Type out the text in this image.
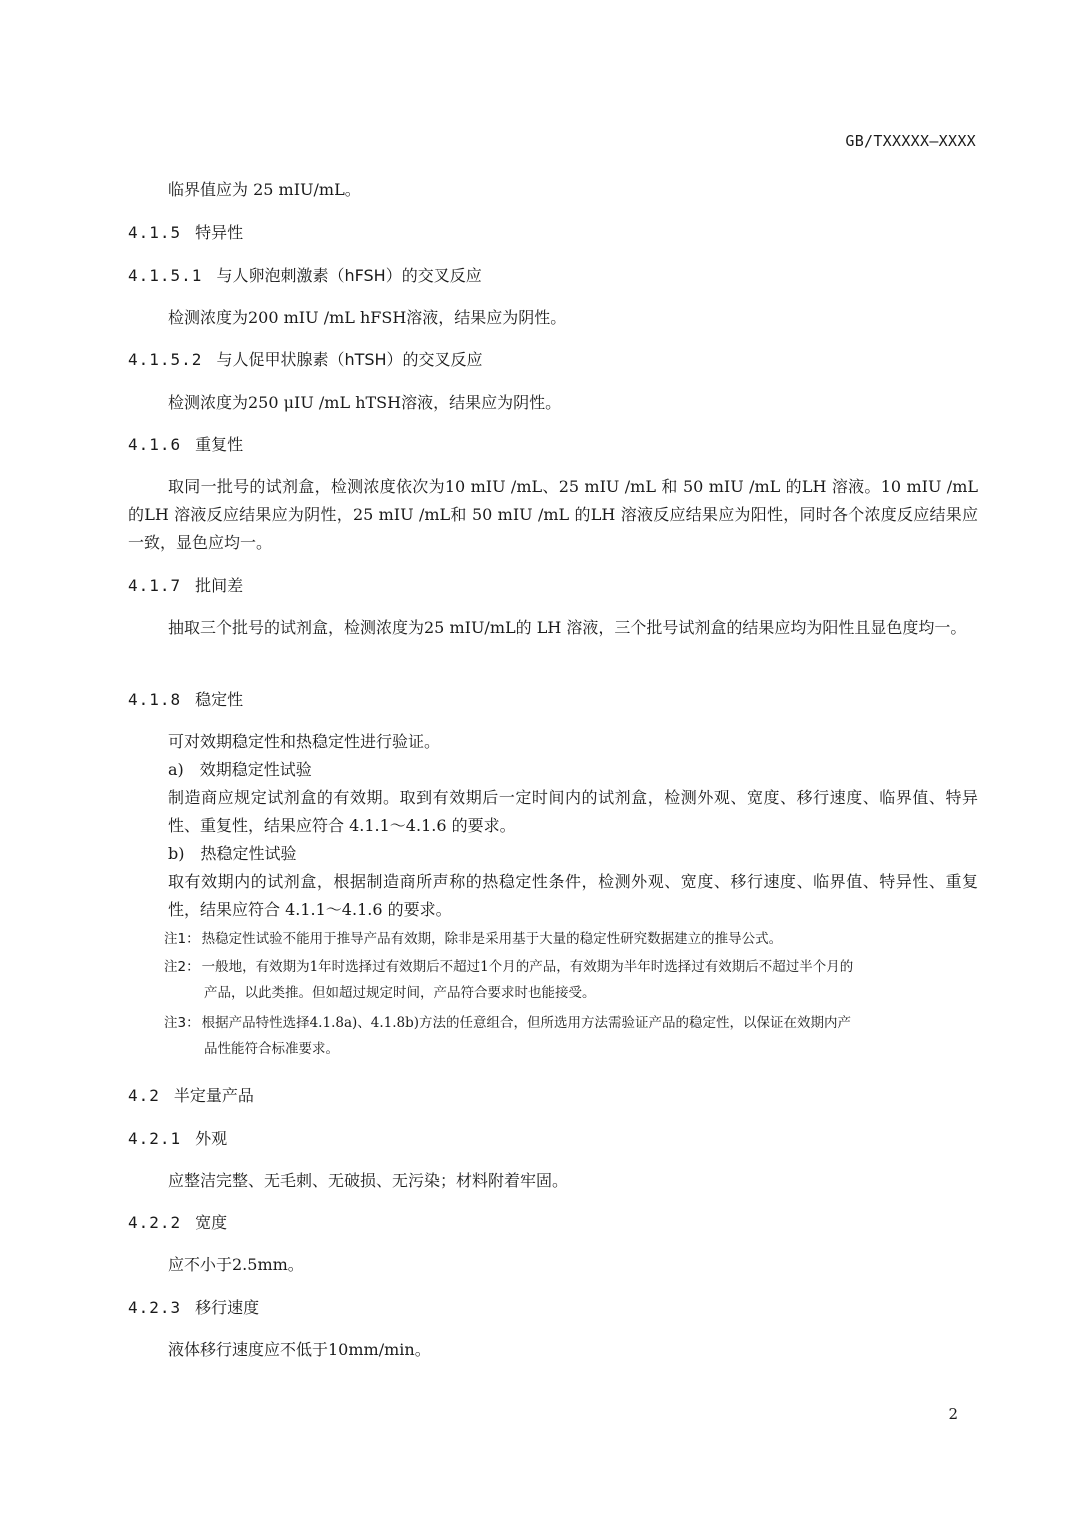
GB/TXXXXX—XXXX
临界值应为 25 mIU/mL。
4.1.5 特异性
4.1.5.1 与人卵泡刺激素（hFSH）的交叉反应
检测浓度为200 mIU /mL hFSH溶液，结果应为阴性。
4.1.5.2 与人促甲状腺素（hTSH）的交叉反应
检测浓度为250 μIU /mL hTSH溶液，结果应为阴性。
4.1.6 重复性
取同一批号的试剂盒，检测浓度依次为10 mIU /mL、25 mIU /mL 和 50 mIU /mL 的LH 溶液。10 mIU /mL的LH 溶液反应结果应为阴性，25 mIU /mL和 50 mIU /mL 的LH 溶液反应结果应为阳性，同时各个浓度反应结果应一致，显色应均一。
4.1.7 批间差
抽取三个批号的试剂盒，检测浓度为25 mIU/mL的 LH 溶液，三个批号试剂盒的结果应均为阳性且显色度均一。
4.1.8 稳定性
可对效期稳定性和热稳定性进行验证。
a)　效期稳定性试验
制造商应规定试剂盒的有效期。取到有效期后一定时间内的试剂盒，检测外观、宽度、移行速度、临界值、特异性、重复性，结果应符合 4.1.1～4.1.6 的要求。
b)　热稳定性试验
取有效期内的试剂盒，根据制造商所声称的热稳定性条件，检测外观、宽度、移行速度、临界值、特异性、重复性，结果应符合 4.1.1～4.1.6 的要求。
注1： 热稳定性试验不能用于推导产品有效期，除非是采用基于大量的稳定性研究数据建立的推导公式。
注2： 一般地，有效期为1年时选择过有效期后不超过1个月的产品，有效期为半年时选择过有效期后不超过半个月的
产品，以此类推。但如超过规定时间，产品符合要求时也能接受。
注3： 根据产品特性选择4.1.8a)、4.1.8b)方法的任意组合，但所选用方法需验证产品的稳定性，以保证在效期内产
品性能符合标准要求。
4.2 半定量产品
4.2.1 外观
应整洁完整、无毛刺、无破损、无污染；材料附着牢固。
4.2.2 宽度
应不小于2.5mm。
4.2.3 移行速度
液体移行速度应不低于10mm/min。
2
